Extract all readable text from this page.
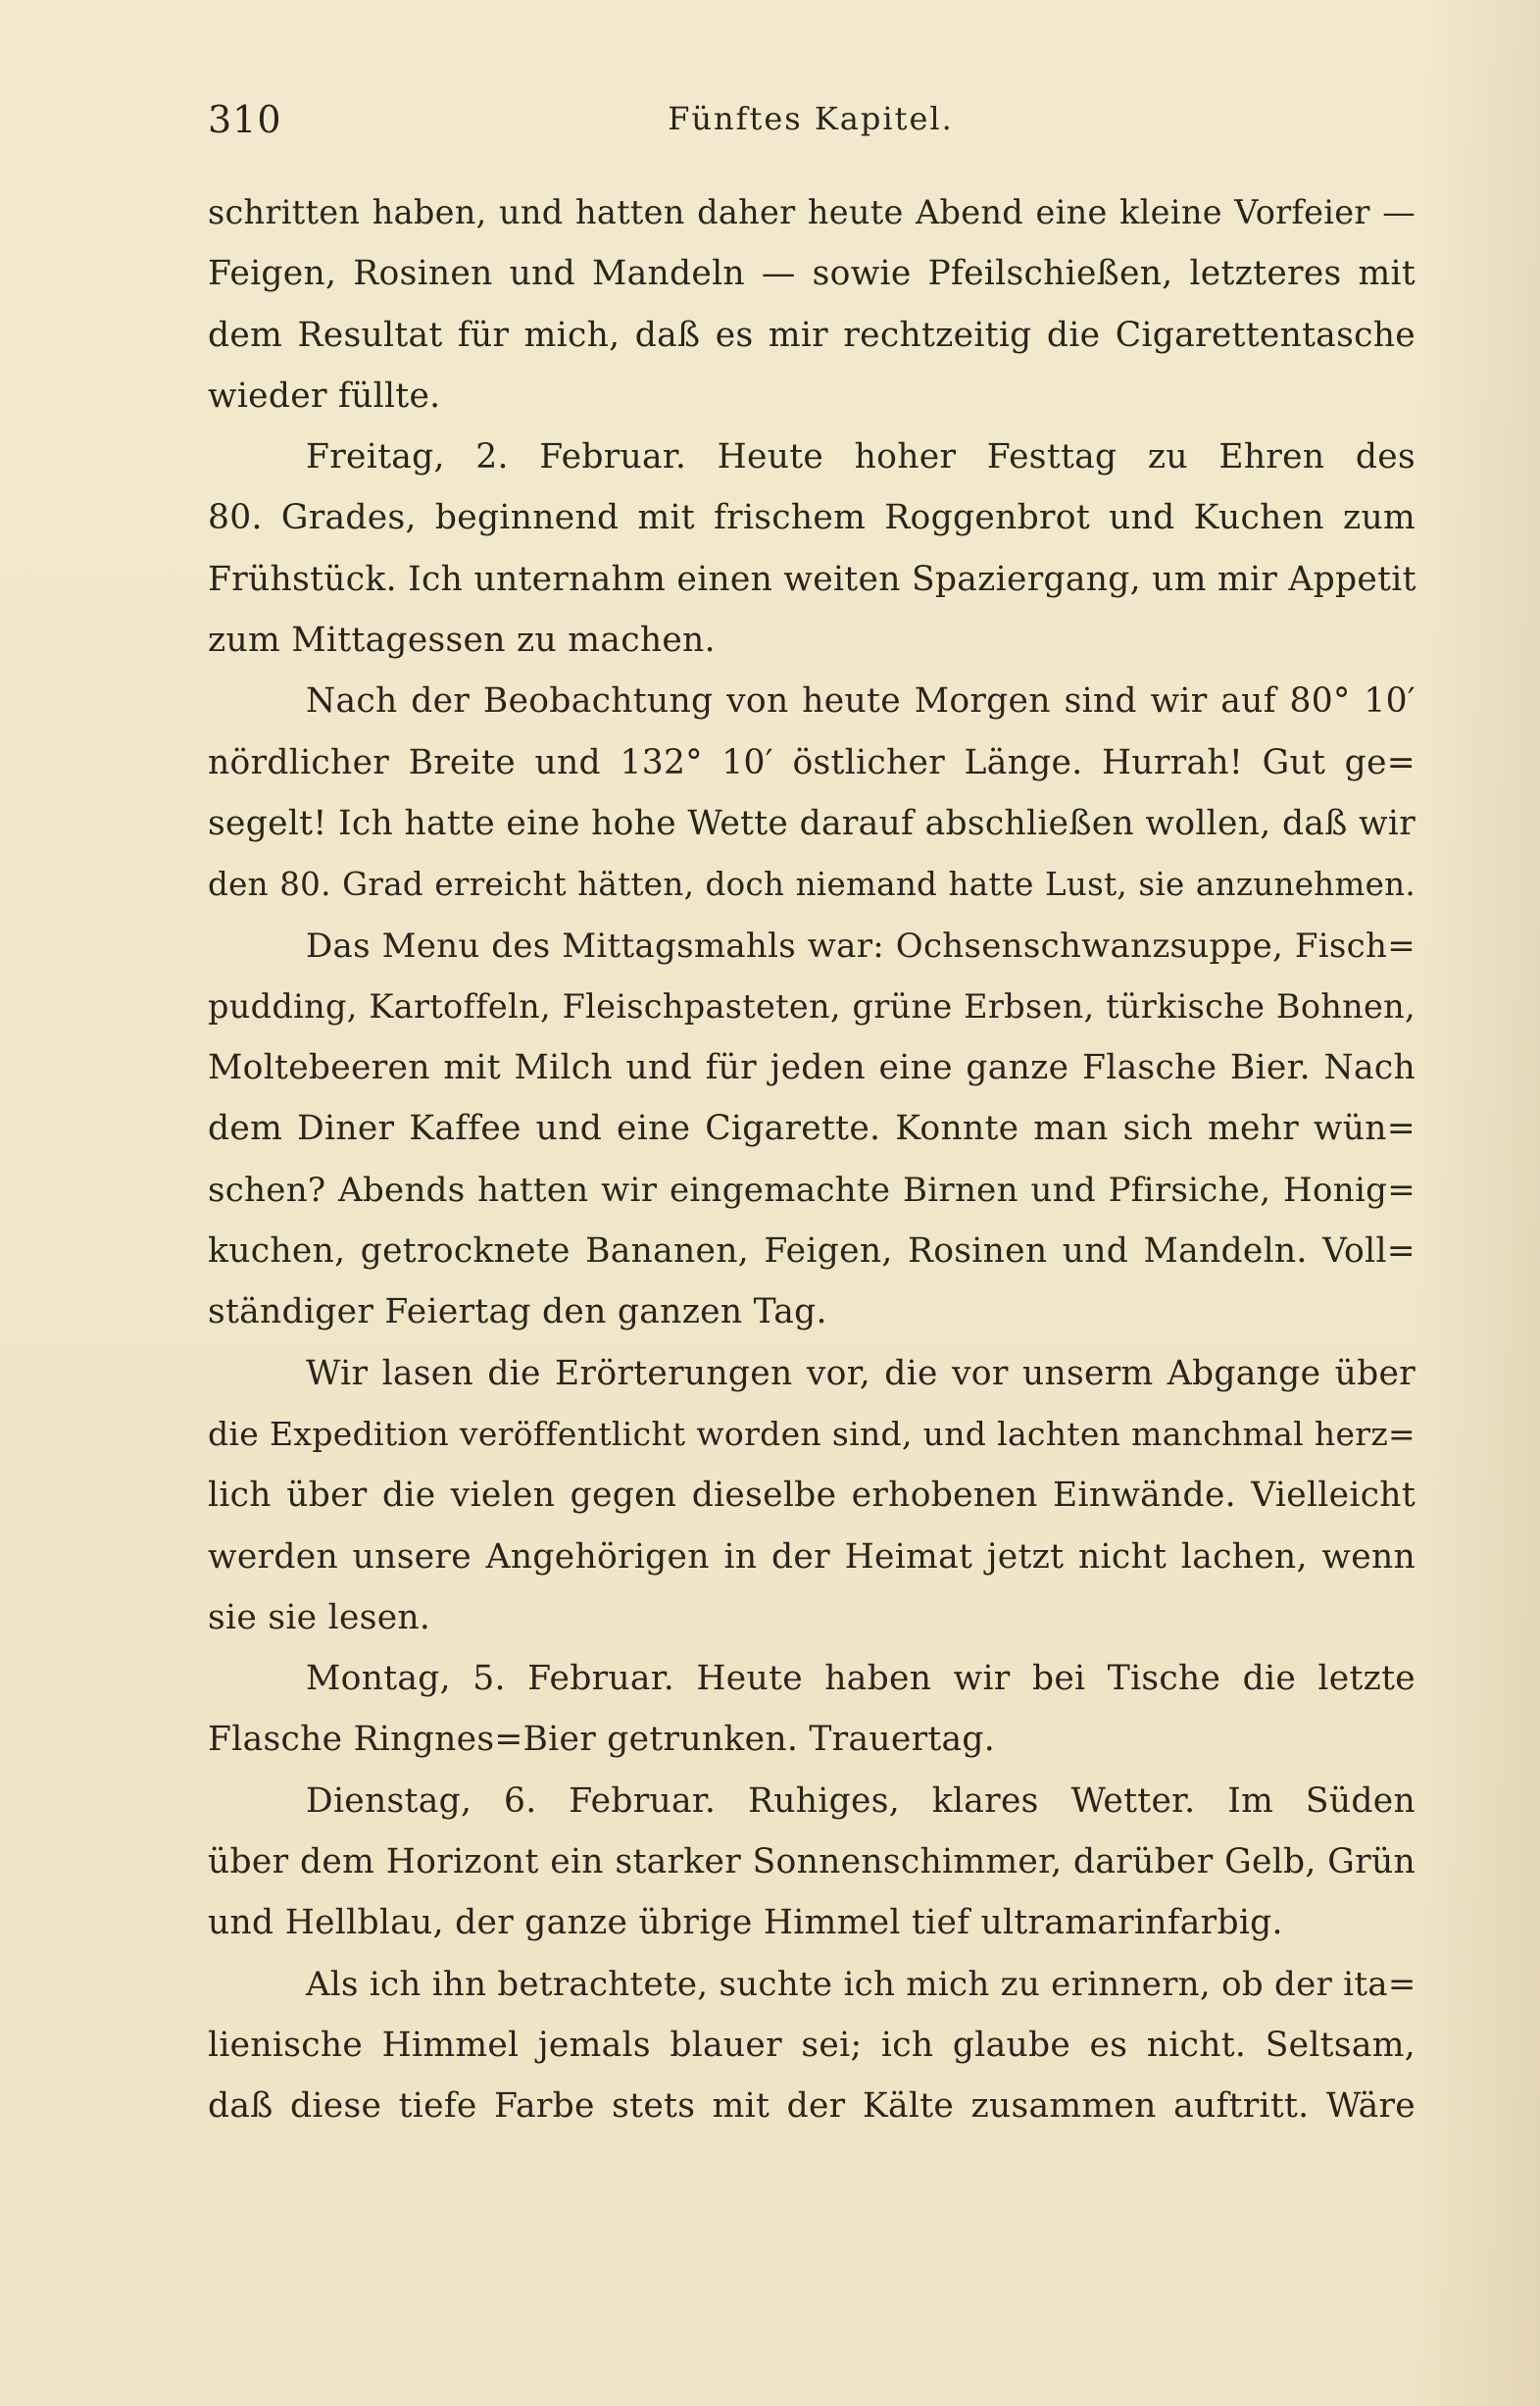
310	Fünftes Kapitel.
schritten haben, und hatten daher heute Abend eine kleine Vorfeier —
Feigen, Rosinen und Mandeln — sowie Pfeilschießen, letzteres mit
dem Resultat für mich, daß es mir rechtzeitig die Cigarettentasche
wieder füllte.
Freitag, 2. Februar. Heute hoher Festtag zu Ehren des
80. Grades, beginnend mit frischem Roggenbrot und Kuchen zum
Frühstück. Ich unternahm einen weiten Spaziergang, um mir Appetit
zum Mittagessen zu machen.
Nach der Beobachtung von heute Morgen sind wir auf 80° 10′
nördlicher Breite und 132° 10′ östlicher Länge. Hurrah! Gut ge=
segelt! Ich hatte eine hohe Wette darauf abschließen wollen, daß wir
den 80. Grad erreicht hätten, doch niemand hatte Lust, sie anzunehmen.
Das Menu des Mittagsmahls war: Ochsenschwanzsuppe, Fisch=
pudding, Kartoffeln, Fleischpasteten, grüne Erbsen, türkische Bohnen,
Moltebeeren mit Milch und für jeden eine ganze Flasche Bier. Nach
dem Diner Kaffee und eine Cigarette. Konnte man sich mehr wün=
schen? Abends hatten wir eingemachte Birnen und Pfirsiche, Honig=
kuchen, getrocknete Bananen, Feigen, Rosinen und Mandeln. Voll=
ständiger Feiertag den ganzen Tag.
Wir lasen die Erörterungen vor, die vor unserm Abgange über
die Expedition veröffentlicht worden sind, und lachten manchmal herz=
lich über die vielen gegen dieselbe erhobenen Einwände. Vielleicht
werden unsere Angehörigen in der Heimat jetzt nicht lachen, wenn
sie sie lesen.
Montag, 5. Februar. Heute haben wir bei Tische die letzte
Flasche Ringnes=Bier getrunken. Trauertag.
Dienstag, 6. Februar. Ruhiges, klares Wetter. Im Süden
über dem Horizont ein starker Sonnenschimmer, darüber Gelb, Grün
und Hellblau, der ganze übrige Himmel tief ultramarinfarbig.
Als ich ihn betrachtete, suchte ich mich zu erinnern, ob der ita=
lienische Himmel jemals blauer sei; ich glaube es nicht. Seltsam,
daß diese tiefe Farbe stets mit der Kälte zusammen auftritt. Wäre
